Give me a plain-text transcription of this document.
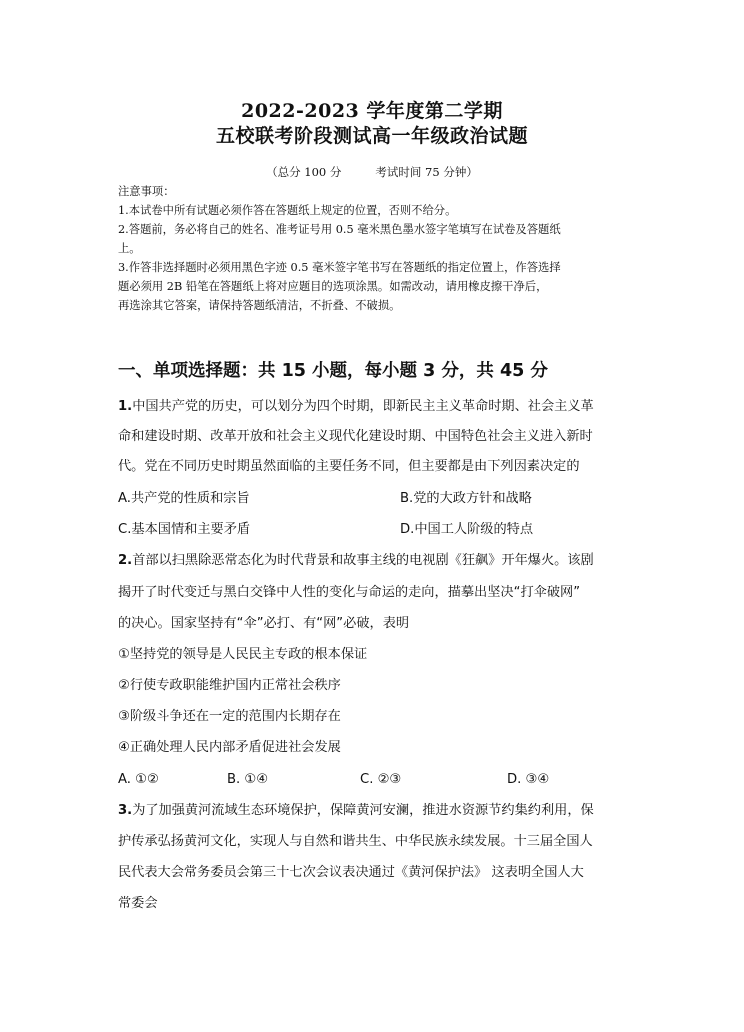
2022-2023 学年度第二学期
五校联考阶段测试高一年级政治试题
（总分 100 分	考试时间 75 分钟）
注意事项：
1.本试卷中所有试题必须作答在答题纸上规定的位置，否则不给分。
2.答题前，务必将自己的姓名、准考证号用 0.5 毫米黑色墨水签字笔填写在试卷及答题纸
上。
3.作答非选择题时必须用黑色字迹 0.5 毫米签字笔书写在答题纸的指定位置上，作答选择
题必须用 2B 铅笔在答题纸上将对应题目的选项涂黑。如需改动，请用橡皮擦干净后，
再选涂其它答案，请保持答题纸清洁，不折叠、不破损。
一、单项选择题：共 15 小题，每小题 3 分，共 45 分
1.中国共产党的历史，可以划分为四个时期，即新民主主义革命时期、社会主义革
命和建设时期、改革开放和社会主义现代化建设时期、中国特色社会主义进入新时
代。党在不同历史时期虽然面临的主要任务不同，但主要都是由下列因素决定的
A.共产党的性质和宗旨	B.党的大政方针和战略
C.基本国情和主要矛盾	D.中国工人阶级的特点
2.首部以扫黑除恶常态化为时代背景和故事主线的电视剧《狂飙》开年爆火。该剧
揭开了时代变迁与黑白交锋中人性的变化与命运的走向，描摹出坚决“打伞破网”
的决心。国家坚持有“伞”必打、有“网”必破，表明
①坚持党的领导是人民民主专政的根本保证
②行使专政职能维护国内正常社会秩序
③阶级斗争还在一定的范围内长期存在
④正确处理人民内部矛盾促进社会发展
A. ①②	B. ①④	C. ②③	D. ③④
3.为了加强黄河流域生态环境保护，保障黄河安澜，推进水资源节约集约利用，保
护传承弘扬黄河文化，实现人与自然和谐共生、中华民族永续发展。十三届全国人
民代表大会常务委员会第三十七次会议表决通过《黄河保护法》 这表明全国人大
常委会
